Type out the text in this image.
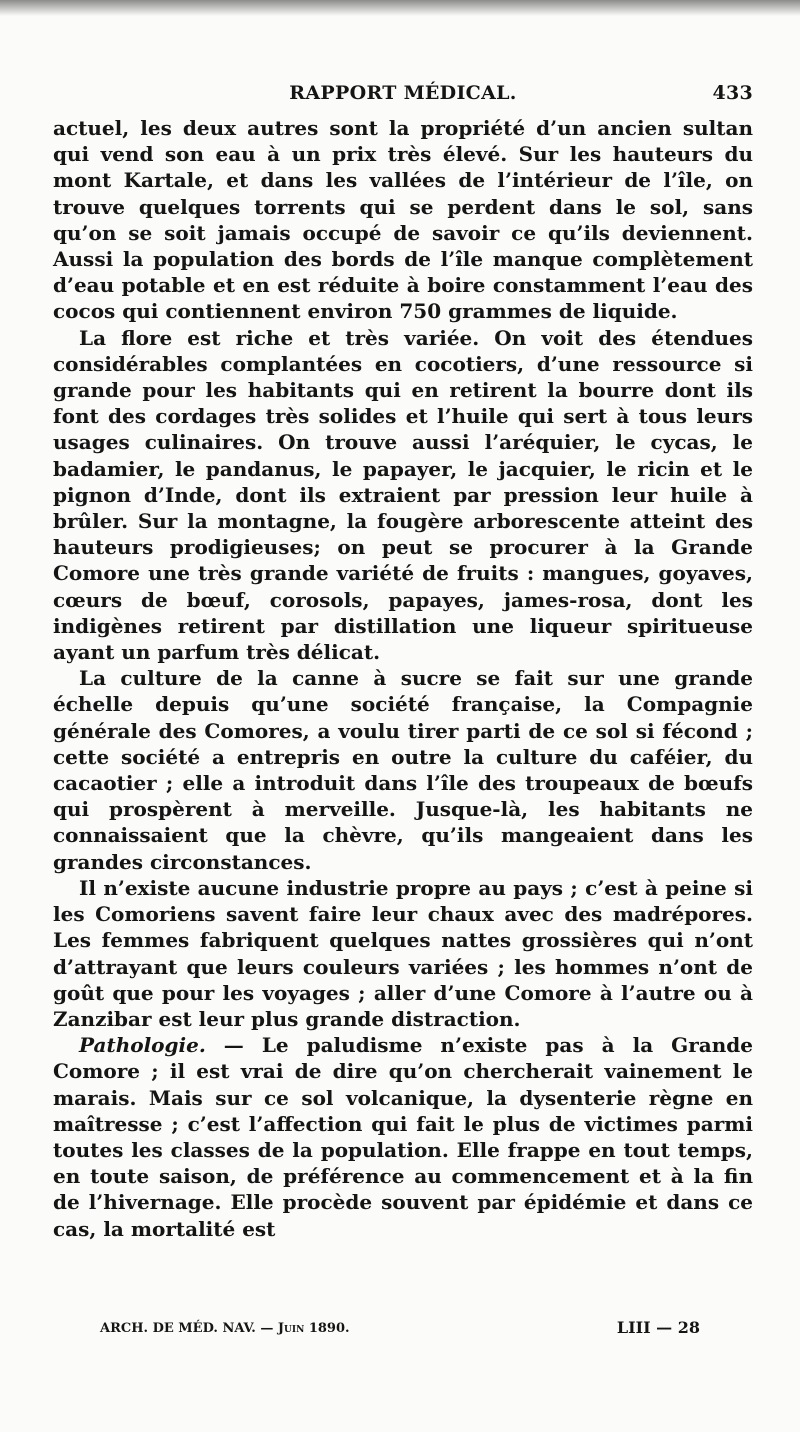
RAPPORT MÉDICAL.	433

actuel, les deux autres sont la propriété d’un ancien sultan qui vend son eau à un prix très élevé. Sur les hauteurs du mont Kartale, et dans les vallées de l’intérieur de l’île, on trouve quelques torrents qui se perdent dans le sol, sans qu’on se soit jamais occupé de savoir ce qu’ils deviennent. Aussi la population des bords de l’île manque complètement d’eau potable et en est réduite à boire constamment l’eau des cocos qui contiennent environ 750 grammes de liquide.

La flore est riche et très variée. On voit des étendues considérables complantées en cocotiers, d’une ressource si grande pour les habitants qui en retirent la bourre dont ils font des cordages très solides et l’huile qui sert à tous leurs usages culinaires. On trouve aussi l’aréquier, le cycas, le badamier, le pandanus, le papayer, le jacquier, le ricin et le pignon d’Inde, dont ils extraient par pression leur huile à brûler. Sur la montagne, la fougère arborescente atteint des hauteurs prodigieuses; on peut se procurer à la Grande Comore une très grande variété de fruits : mangues, goyaves, cœurs de bœuf, corosols, papayes, james-rosa, dont les indigènes retirent par distillation une liqueur spiritueuse ayant un parfum très délicat.

La culture de la canne à sucre se fait sur une grande échelle depuis qu’une société française, la Compagnie générale des Comores, a voulu tirer parti de ce sol si fécond ; cette société a entrepris en outre la culture du caféier, du cacaotier ; elle a introduit dans l’île des troupeaux de bœufs qui prospèrent à merveille. Jusque-là, les habitants ne connaissaient que la chèvre, qu’ils mangeaient dans les grandes circonstances.

Il n’existe aucune industrie propre au pays ; c’est à peine si les Comoriens savent faire leur chaux avec des madrépores. Les femmes fabriquent quelques nattes grossières qui n’ont d’attrayant que leurs couleurs variées ; les hommes n’ont de goût que pour les voyages ; aller d’une Comore à l’autre ou à Zanzibar est leur plus grande distraction.

Pathologie. — Le paludisme n’existe pas à la Grande Comore ; il est vrai de dire qu’on chercherait vainement le marais. Mais sur ce sol volcanique, la dysenterie règne en maîtresse ; c’est l’affection qui fait le plus de victimes parmi toutes les classes de la population. Elle frappe en tout temps, en toute saison, de préférence au commencement et à la fin de l’hivernage. Elle procède souvent par épidémie et dans ce cas, la mortalité est

ARCH. DE MÉD. NAV. — Juin 1890.	LIII — 28
